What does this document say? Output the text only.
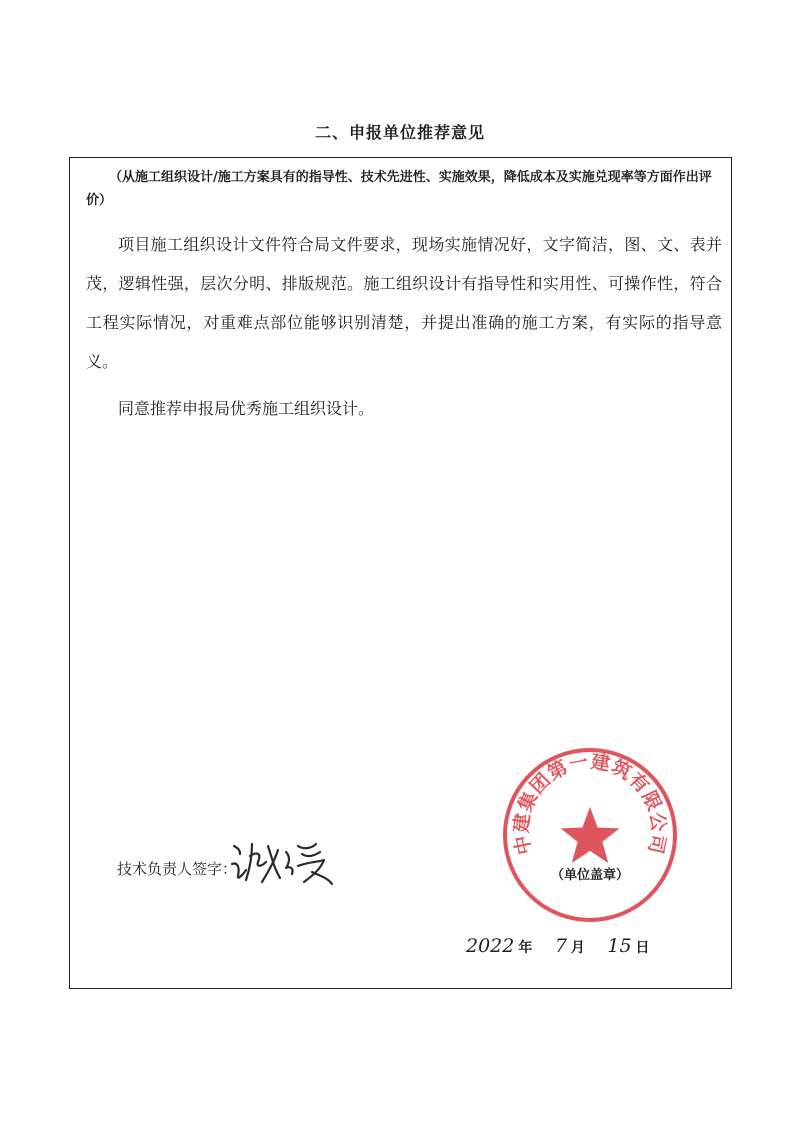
二、申报单位推荐意见
（从施工组织设计/施工方案具有的指导性、技术先进性、实施效果，降低成本及实施兑现率等方面作出评价）

项目施工组织设计文件符合局文件要求，现场实施情况好，文字简洁，图、文、表并茂，逻辑性强，层次分明、排版规范。施工组织设计有指导性和实用性、可操作性，符合工程实际情况，对重难点部位能够识别清楚，并提出准确的施工方案，有实际的指导意义。

同意推荐申报局优秀施工组织设计。

技术负责人签字：
2022 年 7 月 15 日
中建集团第一建筑有限公司
（单位盖章）
